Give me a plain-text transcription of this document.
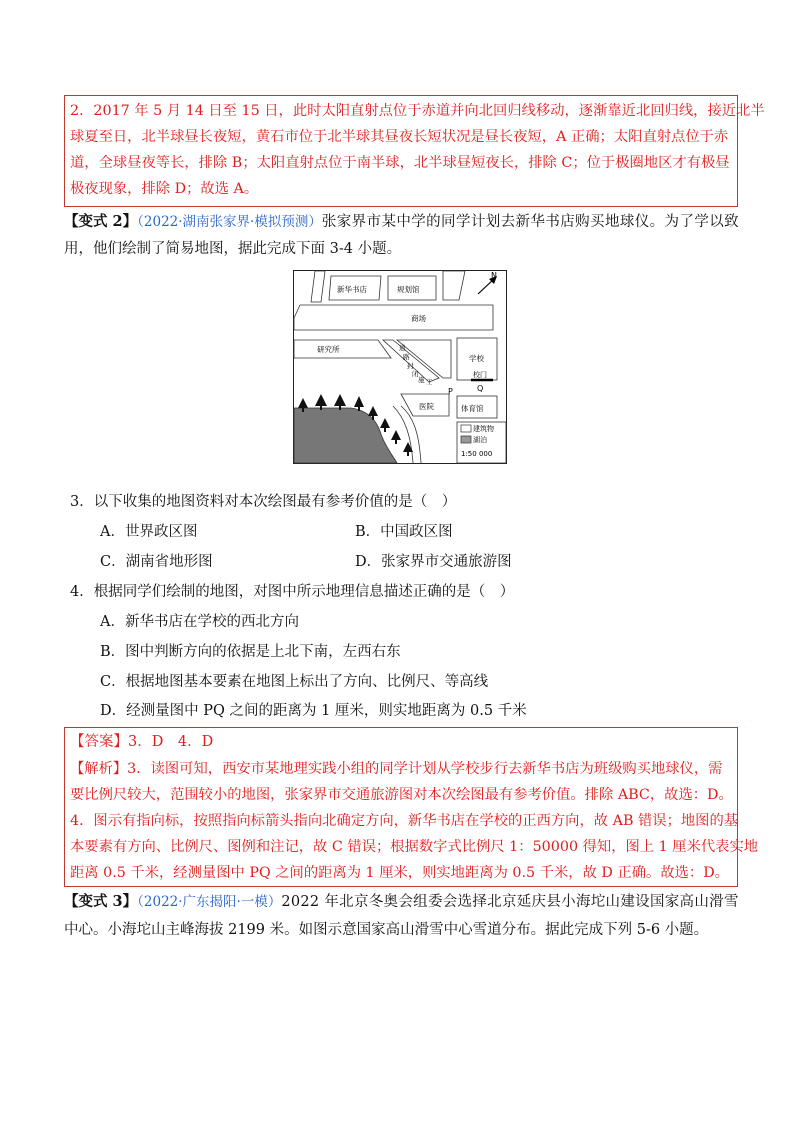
2．2017 年 5 月 14 日至 15 日，此时太阳直射点位于赤道并向北回归线移动，逐渐靠近北回归线，接近北半
球夏至日，北半球昼长夜短，黄石市位于北半球其昼夜长短状况是昼长夜短，A 正确；太阳直射点位于赤
道，全球昼夜等长，排除 B；太阳直射点位于南半球，北半球昼短夜长，排除 C；位于极圈地区才有极昼
极夜现象，排除 D；故选 A。
【变式 2】（2022·湖南张家界·模拟预测）张家界市某中学的同学计划去新华书店购买地球仪。为了学以致
用，他们绘制了简易地图，据此完成下面 3-4 小题。
N
建筑物
湖泊
1:50 000
新华书店	规划馆
商场
研究所	道
路
封
闭
施 工
学校
校门
P	Q
医院	体育馆
3．以下收集的地图资料对本次绘图最有参考价值的是（　）
A．世界政区图	B．中国政区图
C．湖南省地形图	D．张家界市交通旅游图
4．根据同学们绘制的地图，对图中所示地理信息描述正确的是（　）
A．新华书店在学校的西北方向
B．图中判断方向的依据是上北下南，左西右东
C．根据地图基本要素在地图上标出了方向、比例尺、等高线
D．经测量图中 PQ 之间的距离为 1 厘米，则实地距离为 0.5 千米
【答案】3．D　4．D
【解析】3．读图可知，西安市某地理实践小组的同学计划从学校步行去新华书店为班级购买地球仪，需
要比例尺较大，范围较小的地图，张家界市交通旅游图对本次绘图最有参考价值。排除 ABC，故选：D。
4．图示有指向标，按照指向标箭头指向北确定方向，新华书店在学校的正西方向，故 AB 错误；地图的基
本要素有方向、比例尺、图例和注记，故 C 错误；根据数字式比例尺 1：50000 得知，图上 1 厘米代表实地
距离 0.5 千米，经测量图中 PQ 之间的距离为 1 厘米，则实地距离为 0.5 千米，故 D 正确。故选：D。
【变式 3】（2022·广东揭阳·一模）2022 年北京冬奥会组委会选择北京延庆县小海坨山建设国家高山滑雪
中心。小海坨山主峰海拔 2199 米。如图示意国家高山滑雪中心雪道分布。据此完成下列 5-6 小题。
